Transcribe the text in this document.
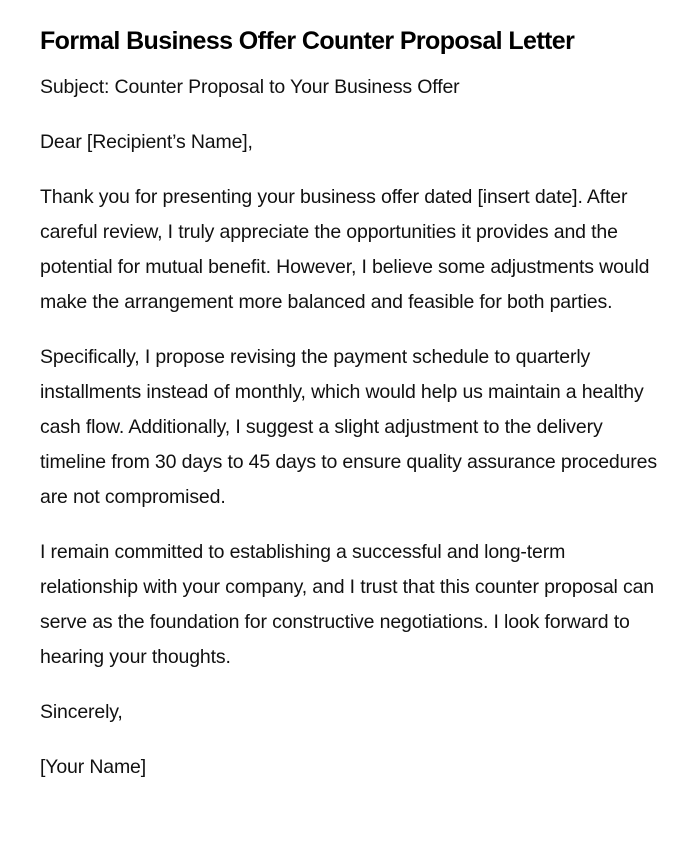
Formal Business Offer Counter Proposal Letter

Subject: Counter Proposal to Your Business Offer

Dear [Recipient’s Name],

Thank you for presenting your business offer dated [insert date]. After careful review, I truly appreciate the opportunities it provides and the potential for mutual benefit. However, I believe some adjustments would make the arrangement more balanced and feasible for both parties.

Specifically, I propose revising the payment schedule to quarterly installments instead of monthly, which would help us maintain a healthy cash flow. Additionally, I suggest a slight adjustment to the delivery timeline from 30 days to 45 days to ensure quality assurance procedures are not compromised.

I remain committed to establishing a successful and long-term relationship with your company, and I trust that this counter proposal can serve as the foundation for constructive negotiations. I look forward to hearing your thoughts.

Sincerely,

[Your Name]
